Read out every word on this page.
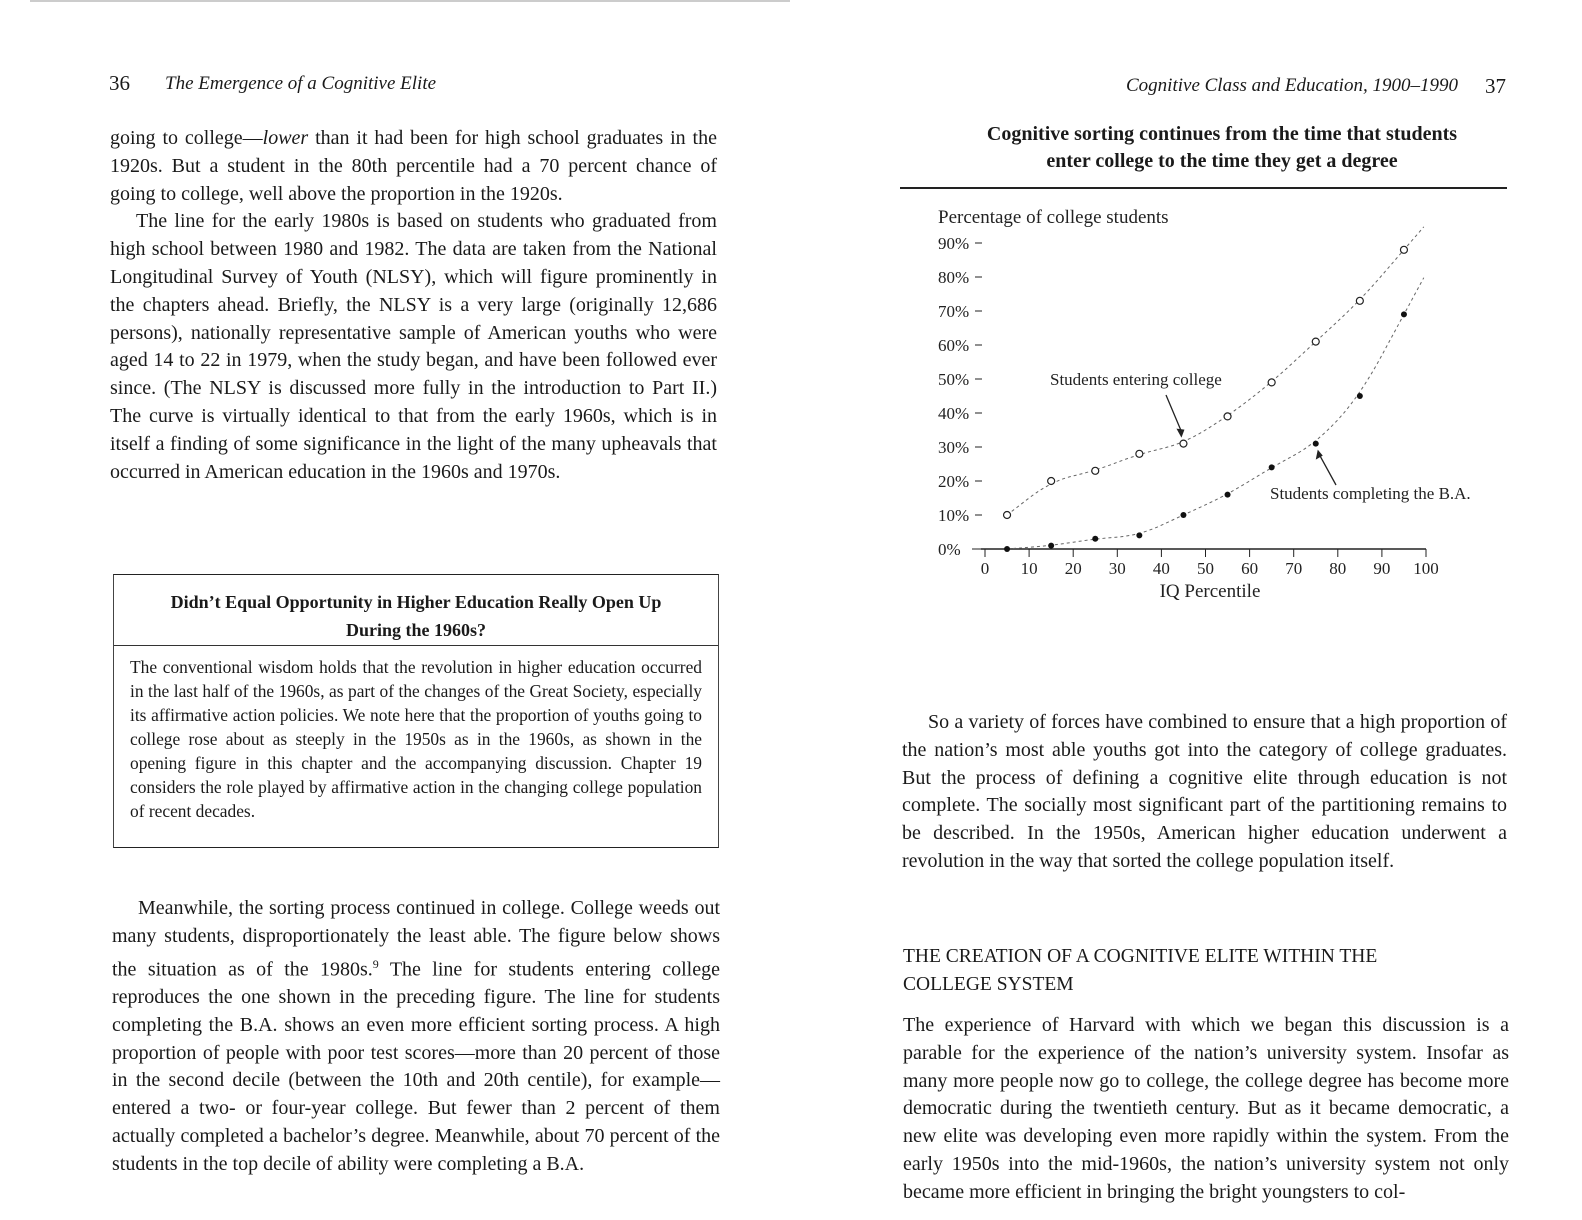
36 The Emergence of a Cognitive Elite

going to college—lower than it had been for high school graduates in the 1920s. But a student in the 80th percentile had a 70 percent chance of going to college, well above the proportion in the 1920s.

The line for the early 1980s is based on students who graduated from high school between 1980 and 1982. The data are taken from the National Longitudinal Survey of Youth (NLSY), which will figure prominently in the chapters ahead. Briefly, the NLSY is a very large (originally 12,686 persons), nationally representative sample of American youths who were aged 14 to 22 in 1979, when the study began, and have been followed ever since. (The NLSY is discussed more fully in the introduction to Part II.) The curve is virtually identical to that from the early 1960s, which is in itself a finding of some significance in the light of the many upheavals that occurred in American education in the 1960s and 1970s.

Didn’t Equal Opportunity in Higher Education Really Open Up During the 1960s?
The conventional wisdom holds that the revolution in higher education occurred in the last half of the 1960s, as part of the changes of the Great Society, especially its affirmative action policies. We note here that the proportion of youths going to college rose about as steeply in the 1950s as in the 1960s, as shown in the opening figure in this chapter and the accompanying discussion. Chapter 19 considers the role played by affirmative action in the changing college population of recent decades.

Meanwhile, the sorting process continued in college. College weeds out many students, disproportionately the least able. The figure below shows the situation as of the 1980s.$^9$ The line for students entering college reproduces the one shown in the preceding figure. The line for students completing the B.A. shows an even more efficient sorting process. A high proportion of people with poor test scores—more than 20 percent of those in the second decile (between the 10th and 20th centile), for example—entered a two- or four-year college. But fewer than 2 percent of them actually completed a bachelor’s degree. Meanwhile, about 70 percent of the students in the top decile of ability were completing a B.A.

Cognitive Class and Education, 1900–1990 37
Cognitive sorting continues from the time that students
enter college to the time they get a degree
Percentage of college students
IQ Percentile
0 10 20 30 40 50 60 70 80 90 100
0%
10%
20%
30%
40%
50%
60%
70%
80%
90%
Students entering college
Students completing the B.A.

So a variety of forces have combined to ensure that a high proportion of the nation’s most able youths got into the category of college graduates. But the process of defining a cognitive elite through education is not complete. The socially most significant part of the partitioning remains to be described. In the 1950s, American higher education underwent a revolution in the way that sorted the college population itself.

THE CREATION OF A COGNITIVE ELITE WITHIN THE
COLLEGE SYSTEM

The experience of Harvard with which we began this discussion is a parable for the experience of the nation’s university system. Insofar as many more people now go to college, the college degree has become more democratic during the twentieth century. But as it became democratic, a new elite was developing even more rapidly within the system. From the early 1950s into the mid-1960s, the nation’s university system not only became more efficient in bringing the bright youngsters to col-
